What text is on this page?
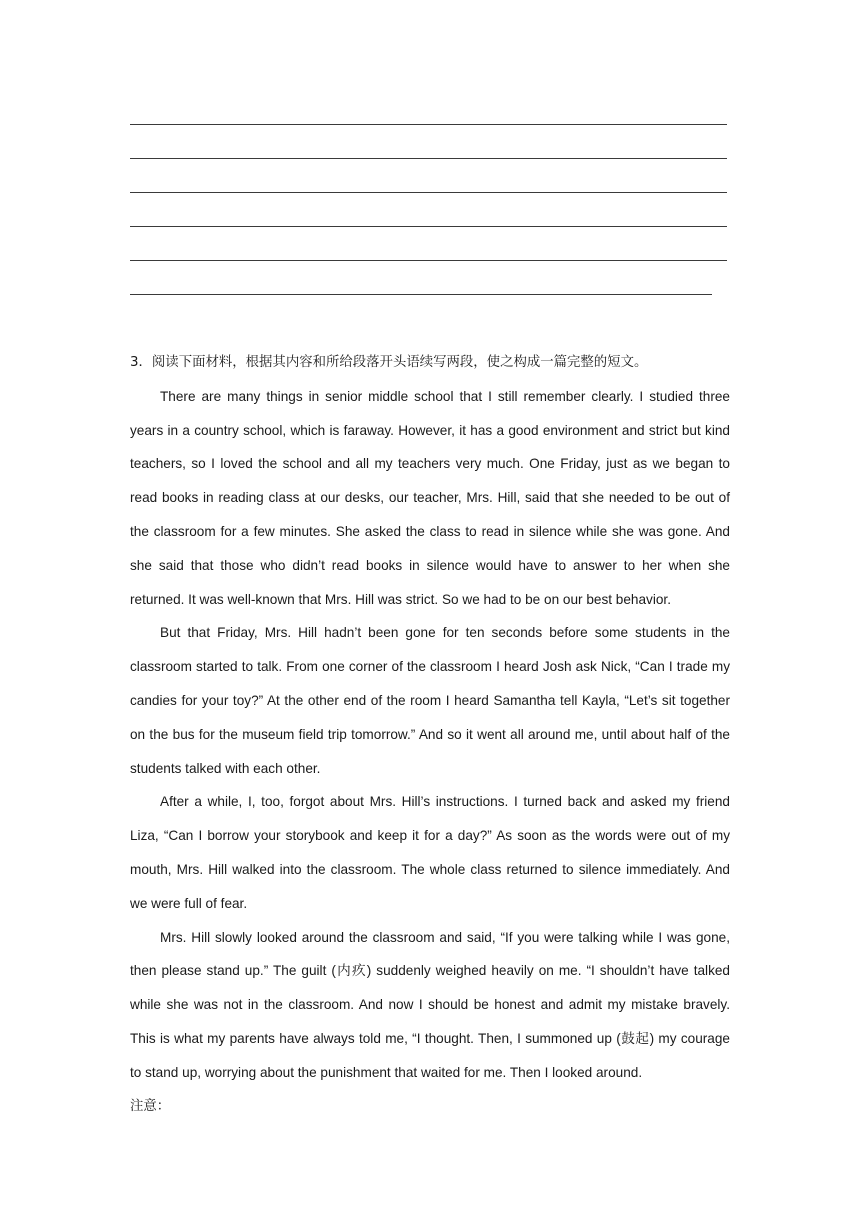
3．阅读下面材料，根据其内容和所给段落开头语续写两段，使之构成一篇完整的短文。

There are many things in senior middle school that I still remember clearly. I studied three years in a country school, which is faraway. However, it has a good environment and strict but kind teachers, so I loved the school and all my teachers very much. One Friday, just as we began to read books in reading class at our desks, our teacher, Mrs. Hill, said that she needed to be out of the classroom for a few minutes. She asked the class to read in silence while she was gone. And she said that those who didn’t read books in silence would have to answer to her when she returned. It was well-known that Mrs. Hill was strict. So we had to be on our best behavior.

But that Friday, Mrs. Hill hadn’t been gone for ten seconds before some students in the classroom started to talk. From one corner of the classroom I heard Josh ask Nick, “Can I trade my candies for your toy?” At the other end of the room I heard Samantha tell Kayla, “Let’s sit together on the bus for the museum field trip tomorrow.” And so it went all around me, until about half of the students talked with each other.

After a while, I, too, forgot about Mrs. Hill’s instructions. I turned back and asked my friend Liza, “Can I borrow your storybook and keep it for a day?” As soon as the words were out of my mouth, Mrs. Hill walked into the classroom. The whole class returned to silence immediately. And we were full of fear.

Mrs. Hill slowly looked around the classroom and said, “If you were talking while I was gone, then please stand up.” The guilt (内疚) suddenly weighed heavily on me. “I shouldn’t have talked while she was not in the classroom. And now I should be honest and admit my mistake bravely. This is what my parents have always told me, “I thought. Then, I summoned up (鼓起) my courage to stand up, worrying about the punishment that waited for me. Then I looked around.

注意：
